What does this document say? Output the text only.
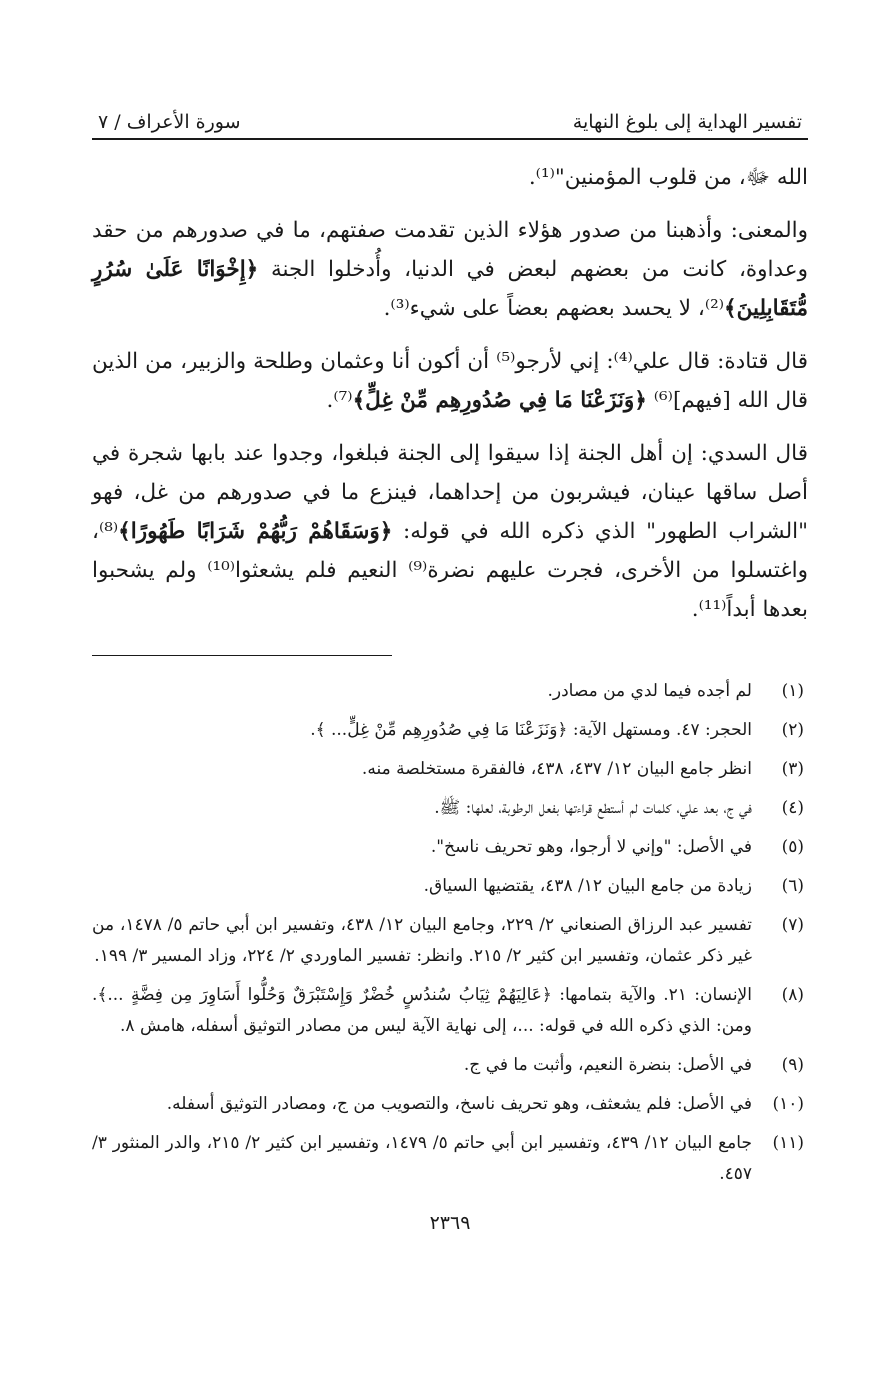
تفسير الهداية إلى بلوغ النهاية
سورة الأعراف / ٧

الله ﷻ، من قلوب المؤمنين"⁽¹⁾.

والمعنى: وأذهبنا من صدور هؤلاء الذين تقدمت صفتهم، ما في صدورهم من حقد وعداوة، كانت من بعضهم لبعض في الدنيا، وأُدخلوا الجنة ﴿إِخْوَانًا عَلَىٰ سُرُرٍ مُّتَقَابِلِينَ﴾⁽²⁾، لا يحسد بعضهم بعضاً على شيء⁽³⁾.

قال قتادة: قال علي⁽⁴⁾: إني لأرجو⁽⁵⁾ أن أكون أنا وعثمان وطلحة والزبير، من الذين قال الله [فيهم]⁽⁶⁾ ﴿وَنَزَعْنَا مَا فِي صُدُورِهِم مِّنْ غِلٍّ﴾⁽⁷⁾.

قال السدي: إن أهل الجنة إذا سيقوا إلى الجنة فبلغوا، وجدوا عند بابها شجرة في أصل ساقها عينان، فيشربون من إحداهما، فينزع ما في صدورهم من غل، فهو "الشراب الطهور" الذي ذكره الله في قوله: ﴿وَسَقَاهُمْ رَبُّهُمْ شَرَابًا طَهُورًا﴾⁽⁸⁾، واغتسلوا من الأخرى، فجرت عليهم نضرة⁽⁹⁾ النعيم فلم يشعثوا⁽¹⁰⁾ ولم يشحبوا بعدها أبداً⁽¹¹⁾.

(١)
لم أجده فيما لدي من مصادر.
(٢)
الحجر: ٤٧. ومستهل الآية: ﴿وَنَزَعْنَا مَا فِي صُدُورِهِم مِّنْ غِلٍّ... ﴾.
(٣)
انظر جامع البيان ١٢/ ٤٣٧، ٤٣٨، فالفقرة مستخلصة منه.
(٤)
في ج، بعد علي، كلمات لم أستطع قراءتها بفعل الرطوبة، لعلها: ﷺ.
(٥)
في الأصل: "وإني لا أرجوا، وهو تحريف ناسخ".
(٦)
زيادة من جامع البيان ١٢/ ٤٣٨، يقتضيها السياق.
(٧)
تفسير عبد الرزاق الصنعاني ٢/ ٢٢٩، وجامع البيان ١٢/ ٤٣٨، وتفسير ابن أبي حاتم ٥/ ١٤٧٨، من غير ذكر عثمان، وتفسير ابن كثير ٢/ ٢١٥. وانظر: تفسير الماوردي ٢/ ٢٢٤، وزاد المسير ٣/ ١٩٩.
(٨)
الإنسان: ٢١. والآية بتمامها: ﴿عَالِيَهُمْ ثِيَابُ سُندُسٍ خُضْرٌ وَإِسْتَبْرَقٌ وَحُلُّوا أَسَاوِرَ مِن فِضَّةٍ ...﴾. ومن: الذي ذكره الله في قوله: ...، إلى نهاية الآية ليس من مصادر التوثيق أسفله، هامش ٨.
(٩)
في الأصل: بنضرة النعيم، وأثبت ما في ج.
(١٠)
في الأصل: فلم يشعثف، وهو تحريف ناسخ، والتصويب من ج، ومصادر التوثيق أسفله.
(١١)
جامع البيان ١٢/ ٤٣٩، وتفسير ابن أبي حاتم ٥/ ١٤٧٩، وتفسير ابن كثير ٢/ ٢١٥، والدر المنثور ٣/ ٤٥٧.
٢٣٦٩
